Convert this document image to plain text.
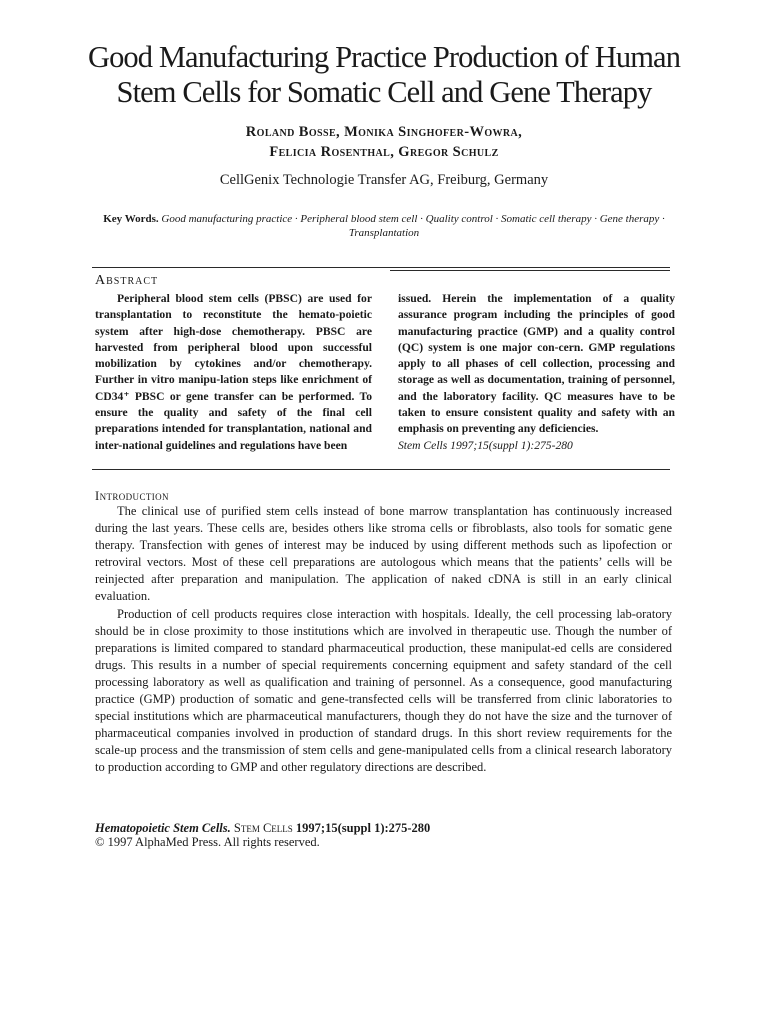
Good Manufacturing Practice Production of Human
Stem Cells for Somatic Cell and Gene Therapy
Roland Bosse, Monika Singhofer-Wowra,
Felicia Rosenthal, Gregor Schulz
CellGenix Technologie Transfer AG, Freiburg, Germany
Key Words. Good manufacturing practice · Peripheral blood stem cell · Quality control · Somatic cell therapy · Gene therapy · Transplantation
Abstract
Peripheral blood stem cells (PBSC) are used for transplantation to reconstitute the hemato-poietic system after high-dose chemotherapy. PBSC are harvested from peripheral blood upon successful mobilization by cytokines and/or chemotherapy. Further in vitro manipu-lation steps like enrichment of CD34⁺ PBSC or gene transfer can be performed. To ensure the quality and safety of the final cell preparations intended for transplantation, national and inter-national guidelines and regulations have been
issued. Herein the implementation of a quality assurance program including the principles of good manufacturing practice (GMP) and a quality control (QC) system is one major con-cern. GMP regulations apply to all phases of cell collection, processing and storage as well as documentation, training of personnel, and the laboratory facility. QC measures have to be taken to ensure consistent quality and safety with an emphasis on preventing any deficiencies.
Stem Cells 1997;15(suppl 1):275-280
Introduction

The clinical use of purified stem cells instead of bone marrow transplantation has continuously increased during the last years. These cells are, besides others like stroma cells or fibroblasts, also tools for somatic gene therapy. Transfection with genes of interest may be induced by using different methods such as lipofection or retroviral vectors. Most of these cell preparations are autologous which means that the patients’ cells will be reinjected after preparation and manipulation. The application of naked cDNA is still in an early clinical evaluation.

Production of cell products requires close interaction with hospitals. Ideally, the cell processing lab-oratory should be in close proximity to those institutions which are involved in therapeutic use. Though the number of preparations is limited compared to standard pharmaceutical production, these manipulat-ed cells are considered drugs. This results in a number of special requirements concerning equipment and safety standard of the cell processing laboratory as well as qualification and training of personnel. As a consequence, good manufacturing practice (GMP) production of somatic and gene-transfected cells will be transferred from clinic laboratories to special institutions which are pharmaceutical manufacturers, though they do not have the size and the turnover of pharmaceutical companies involved in production of standard drugs. In this short review requirements for the scale-up process and the transmission of stem cells and gene-manipulated cells from a clinical research laboratory to production according to GMP and other regulatory directions are described.

Hematopoietic Stem Cells. Stem Cells 1997;15(suppl 1):275-280
© 1997 AlphaMed Press. All rights reserved.
